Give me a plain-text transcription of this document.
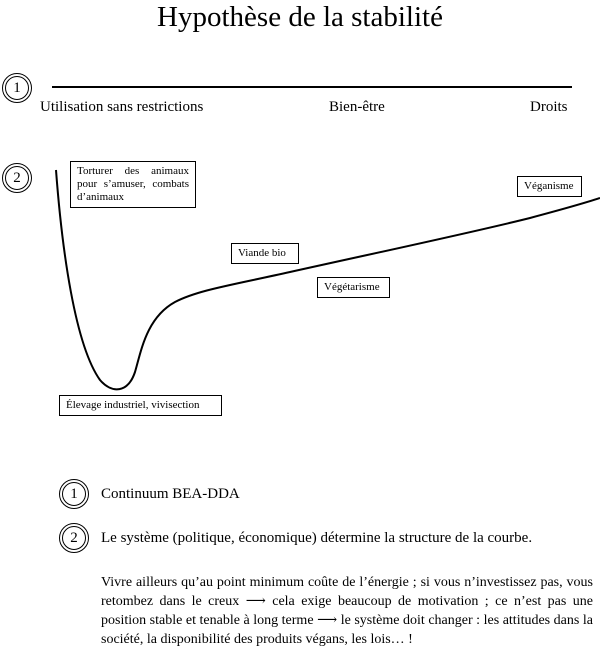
Hypothèse de la stabilité
1
Utilisation sans restrictions	Bien-être	Droits
2	Torturer des animaux pour s’amuser, combats d’animaux
Viande bio
Végétarisme
Véganisme
Élevage industriel, vivisection
1 Continuum BEA-DDA
2 Le système (politique, économique) détermine la structure de la courbe.
Vivre ailleurs qu’au point minimum coûte de l’énergie ; si vous n’investissez pas, vous retombez dans le creux ⟶ cela exige beaucoup de motivation ; ce n’est pas une position stable et tenable à long terme ⟶ le système doit changer : les attitudes dans la société, la disponibilité des produits végans, les lois… !
